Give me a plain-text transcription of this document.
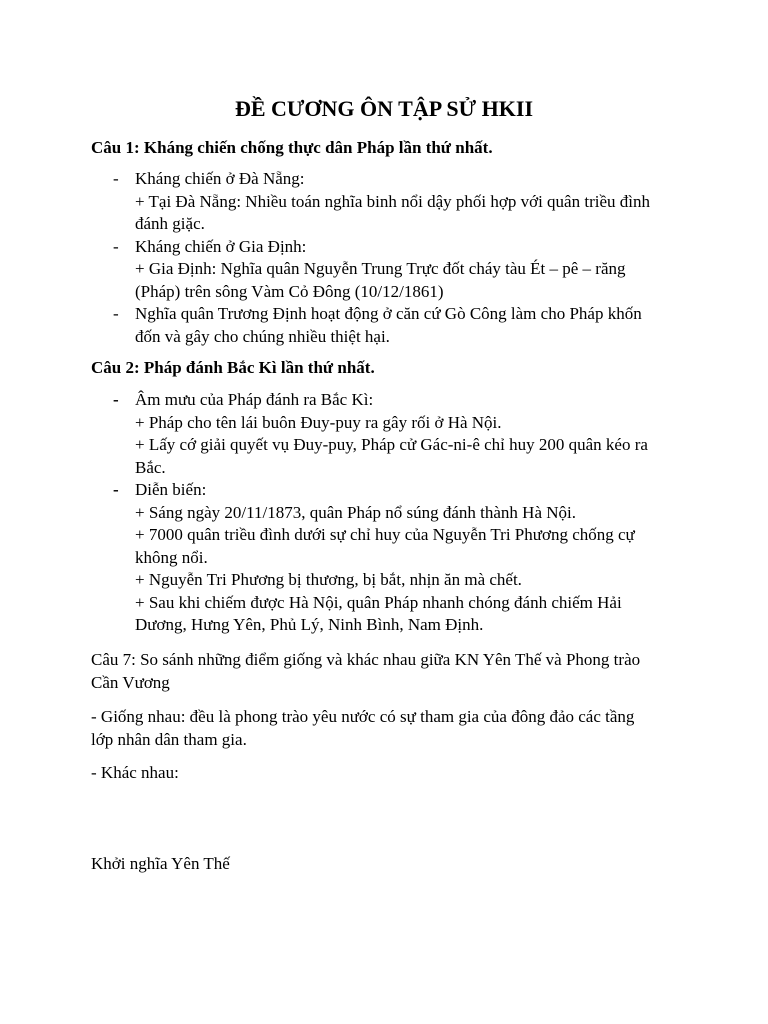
ĐỀ CƯƠNG ÔN TẬP SỬ HKII
Câu 1: Kháng chiến chống thực dân Pháp lần thứ nhất.
- Kháng chiến ở Đà Nẵng:
+ Tại Đà Nẵng: Nhiều toán nghĩa binh nổi dậy phối hợp với quân triều đình
đánh giặc.
- Kháng chiến ở Gia Định:
+ Gia Định: Nghĩa quân Nguyễn Trung Trực đốt cháy tàu Ét – pê – răng
(Pháp) trên sông Vàm Cỏ Đông (10/12/1861)
- Nghĩa quân Trương Định hoạt động ở căn cứ Gò Công làm cho Pháp khốn
đốn và gây cho chúng nhiều thiệt hại.
Câu 2: Pháp đánh Bắc Kì lần thứ nhất.
- Âm mưu của Pháp đánh ra Bắc Kì:
+ Pháp cho tên lái buôn Đuy-puy ra gây rối ở Hà Nội.
+ Lấy cớ giải quyết vụ Đuy-puy, Pháp cử Gác-ni-ê chỉ huy 200 quân kéo ra
Bắc.
- Diễn biến:
+ Sáng ngày 20/11/1873, quân Pháp nổ súng đánh thành Hà Nội.
+ 7000 quân triều đình dưới sự chỉ huy của Nguyễn Tri Phương chống cự
không nổi.
+ Nguyễn Tri Phương bị thương, bị bắt, nhịn ăn mà chết.
+ Sau khi chiếm được Hà Nội, quân Pháp nhanh chóng đánh chiếm Hải
Dương, Hưng Yên, Phủ Lý, Ninh Bình, Nam Định.
Câu 7: So sánh những điểm giống và khác nhau giữa KN Yên Thế và Phong trào
Cần Vương
- Giống nhau: đều là phong trào yêu nước có sự tham gia của đông đảo các tầng
lớp nhân dân tham gia.
- Khác nhau:
Khởi nghĩa Yên Thế
